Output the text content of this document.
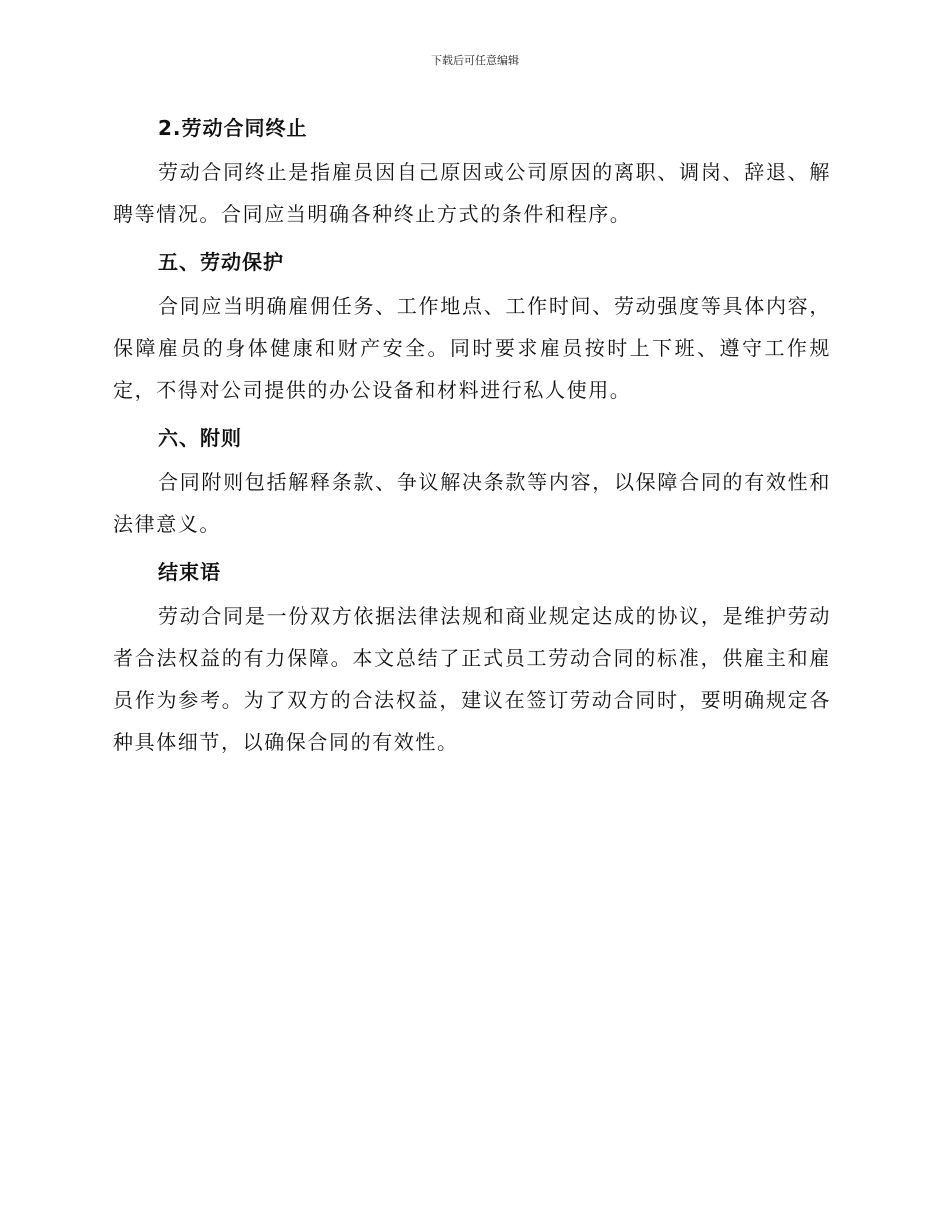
下载后可任意编辑
2.劳动合同终止

劳动合同终止是指雇员因自己原因或公司原因的离职、调岗、辞退、解聘等情况。合同应当明确各种终止方式的条件和程序。

五、劳动保护

合同应当明确雇佣任务、工作地点、工作时间、劳动强度等具体内容，保障雇员的身体健康和财产安全。同时要求雇员按时上下班、遵守工作规定，不得对公司提供的办公设备和材料进行私人使用。

六、附则

合同附则包括解释条款、争议解决条款等内容，以保障合同的有效性和法律意义。

结束语

劳动合同是一份双方依据法律法规和商业规定达成的协议，是维护劳动者合法权益的有力保障。本文总结了正式员工劳动合同的标准，供雇主和雇员作为参考。为了双方的合法权益，建议在签订劳动合同时，要明确规定各种具体细节，以确保合同的有效性。
